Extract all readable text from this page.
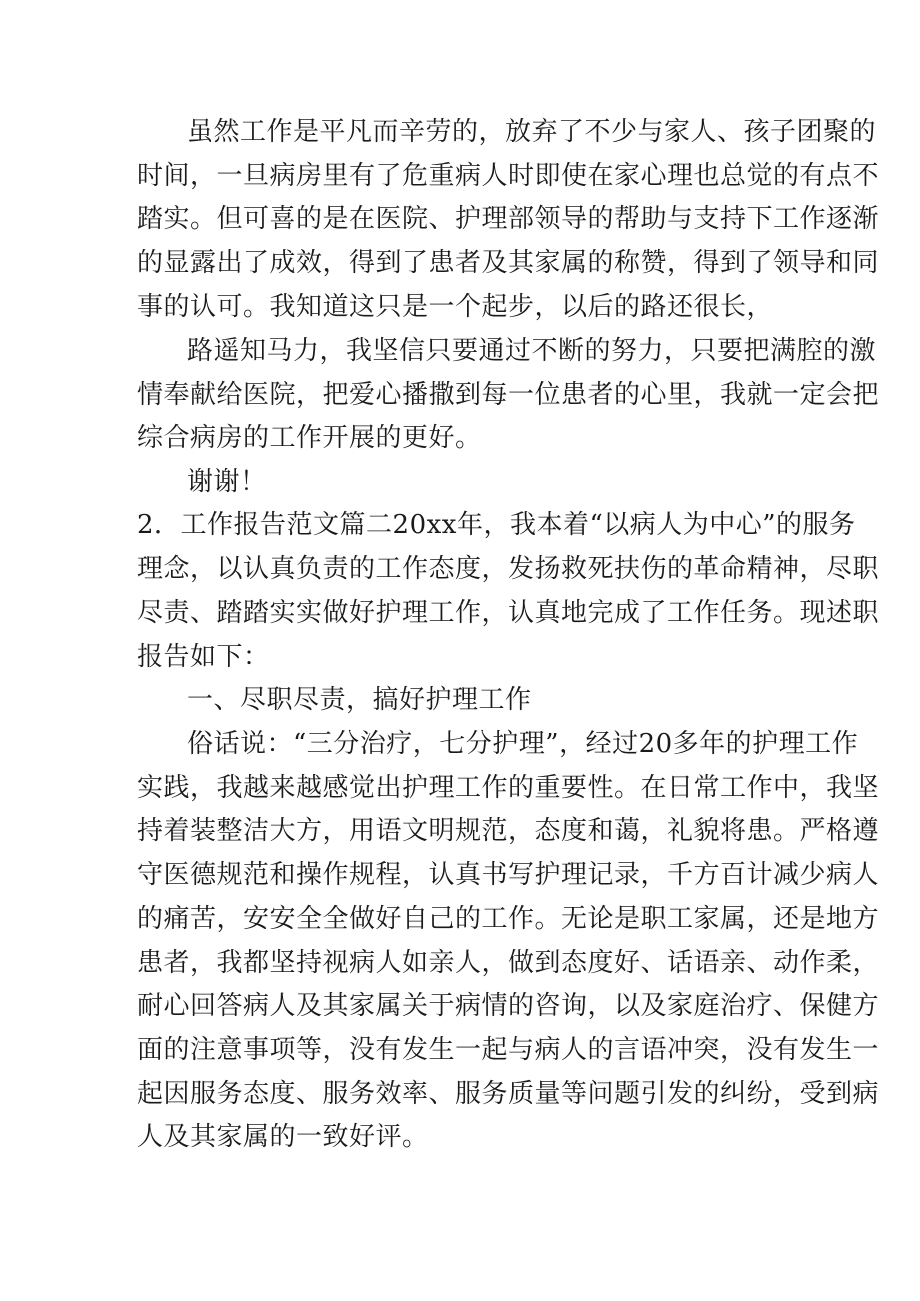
虽然工作是平凡而辛劳的，放弃了不少与家人、孩子团聚的
时间，一旦病房里有了危重病人时即使在家心理也总觉的有点不
踏实。但可喜的是在医院、护理部领导的帮助与支持下工作逐渐
的显露出了成效，得到了患者及其家属的称赞，得到了领导和同
事的认可。我知道这只是一个起步，以后的路还很长，
路遥知马力，我坚信只要通过不断的努力，只要把满腔的激
情奉献给医院，把爱心播撒到每一位患者的心里，我就一定会把
综合病房的工作开展的更好。
谢谢！
2．工作报告范文篇二20xx年，我本着“以病人为中心”的服务
理念，以认真负责的工作态度，发扬救死扶伤的革命精神，尽职
尽责、踏踏实实做好护理工作，认真地完成了工作任务。现述职
报告如下：
一、尽职尽责，搞好护理工作
俗话说：“三分治疗，七分护理”，经过20多年的护理工作
实践，我越来越感觉出护理工作的重要性。在日常工作中，我坚
持着装整洁大方，用语文明规范，态度和蔼，礼貌将患。严格遵
守医德规范和操作规程，认真书写护理记录，千方百计减少病人
的痛苦，安安全全做好自己的工作。无论是职工家属，还是地方
患者，我都坚持视病人如亲人，做到态度好、话语亲、动作柔，
耐心回答病人及其家属关于病情的咨询，以及家庭治疗、保健方
面的注意事项等，没有发生一起与病人的言语冲突，没有发生一
起因服务态度、服务效率、服务质量等问题引发的纠纷，受到病
人及其家属的一致好评。
